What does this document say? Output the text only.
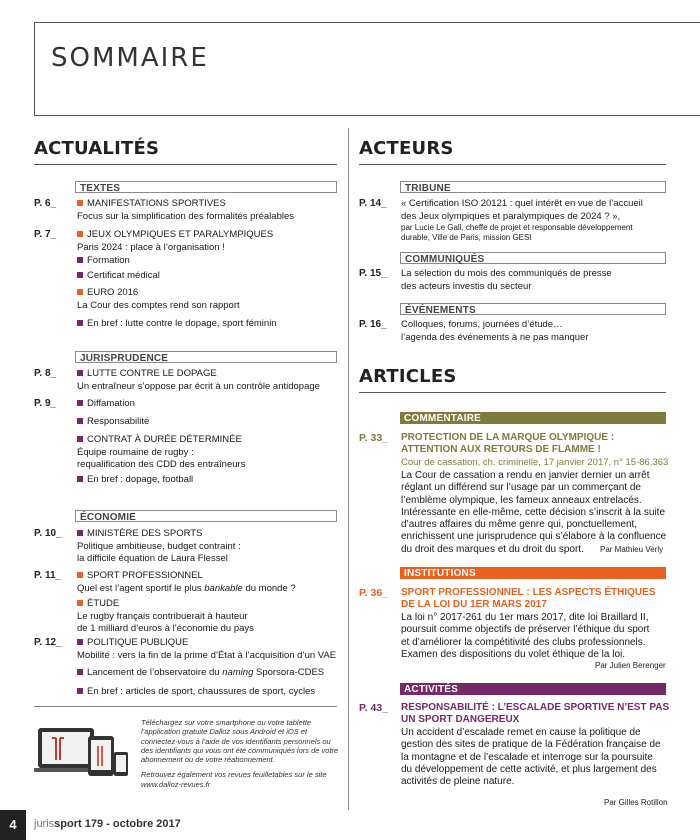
SOMMAIRE
ACTUALITÉS	ACTEURS
TEXTES
P. 6_	MANIFESTATIONS SPORTIVES
Focus sur la simplification des formalités préalables
P. 7_	JEUX OLYMPIQUES ET PARALYMPIQUES
Paris 2024 : place à l’organisation !
Formation
Certificat médical
EURO 2016
La Cour des comptes rend son rapport
En bref : lutte contre le dopage, sport féminin
JURISPRUDENCE
P. 8_	LUTTE CONTRE LE DOPAGE
Un entraîneur s’oppose par écrit à un contrôle antidopage
P. 9_	Diffamation
Responsabilité
CONTRAT À DURÉE DÉTERMINÉE
Équipe roumaine de rugby :
requalification des CDD des entraîneurs
En bref : dopage, football
ÉCONOMIE
P. 10_	MINISTÈRE DES SPORTS
Politique ambitieuse, budget contraint :
la difficile équation de Laura Flessel
P. 11_	SPORT PROFESSIONNEL
Quel est l’agent sportif le plus bankable du monde ?
ÉTUDE
Le rugby français contribuerait à hauteur
de 1 milliard d’euros à l’économie du pays
P. 12_	POLITIQUE PUBLIQUE
Mobilité : vers la fin de la prime d’État à l’acquisition d’un VAE
Lancement de l’observatoire du naming Sporsora-CDES
En bref : articles de sport, chaussures de sport, cycles
Téléchargez sur votre smartphone ou votre tablette l’application gratuite Dalloz sous Android et iOS et connectez-vous à l’aide de vos identifiants personnels ou des identifiants qui vous ont été communiqués lors de votre abonnement ou de votre réabonnement.
Retrouvez également vos revues feuilletables sur le site www.dalloz-revues.fr
TRIBUNE
P. 14_ « Certification ISO 20121 : quel intérêt en vue de l’accueil
des Jeux olympiques et paralympiques de 2024 ? »,
par Lucie Le Gall, cheffe de projet et responsable développement
durable, Ville de Paris, mission GESI
COMMUNIQUÉS
P. 15_ La sélection du mois des communiqués de presse
des acteurs investis du secteur
ÉVÉNEMENTS
P. 16_ Colloques, forums, journées d’étude…
l’agenda des événements à ne pas manquer
ARTICLES
COMMENTAIRE
P. 33_ PROTECTION DE LA MARQUE OLYMPIQUE :
ATTENTION AUX RETOURS DE FLAMME !
Cour de cassation, ch. criminelle, 17 janvier 2017, n° 15-86.363
La Cour de cassation a rendu en janvier dernier un arrêt
réglant un différend sur l’usage par un commerçant de
l’emblème olympique, les fameux anneaux entrelacés.
Intéressante en elle-même, cette décision s’inscrit à la suite
d’autres affaires du même genre qui, ponctuellement,
enrichissent une jurisprudence qui s’élabore à la confluence
du droit des marques et du droit du sport.	Par Mathieu Verly
INSTITUTIONS
P. 36_ SPORT PROFESSIONNEL : LES ASPECTS ÉTHIQUES
DE LA LOI DU 1ER MARS 2017
La loi n° 2017-261 du 1er mars 2017, dite loi Braillard II,
poursuit comme objectifs de préserver l’éthique du sport
et d’améliorer la compétitivité des clubs professionnels.
Examen des dispositions du volet éthique de la loi.
Par Julien Berenger
ACTIVITÉS
P. 43_ RESPONSABILITÉ : L’ESCALADE SPORTIVE N’EST PAS
UN SPORT DANGEREUX
Un accident d’escalade remet en cause la politique de
gestion des sites de pratique de la Fédération française de
la montagne et de l’escalade et interroge sur la poursuite
du développement de cette activité, et plus largement des
activités de pleine nature.
Par Gilles Rotillon
4	jurissport 179 - octobre 2017
